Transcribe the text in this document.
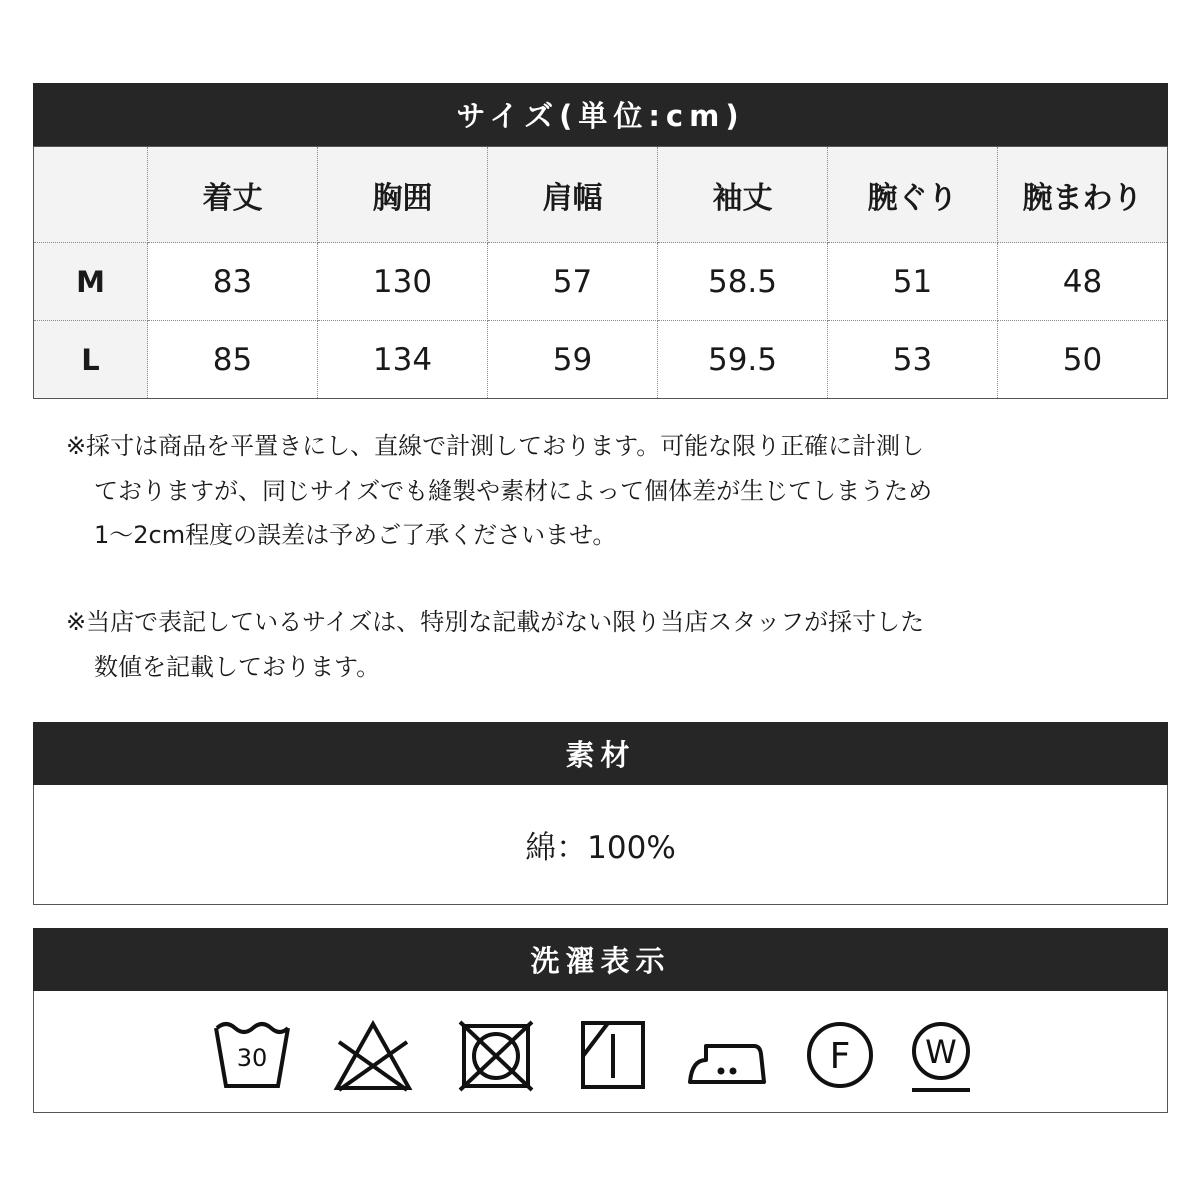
サイズ(単位:cm)
	着丈	胸囲	肩幅	袖丈	腕ぐり	腕まわり
M	83	130	57	58.5	51	48
L	85	134	59	59.5	53	50
※採寸は商品を平置きにし、直線で計測しております。可能な限り正確に計測し
ておりますが、同じサイズでも縫製や素材によって個体差が生じてしまうため
1〜2cm程度の誤差は予めご了承くださいませ。
※当店で表記しているサイズは、特別な記載がない限り当店スタッフが採寸した
数値を記載しております。
素材
綿：100%
洗濯表示
30	F W
